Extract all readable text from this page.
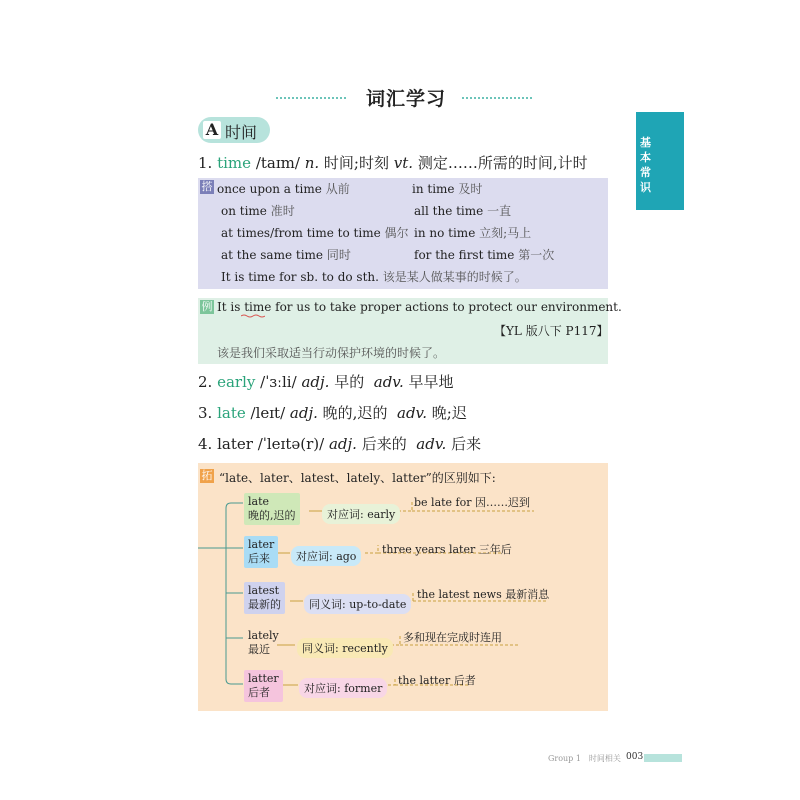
词汇学习
基
本
常
识
A 时间
1. time /taɪm/ n. 时间;时刻 vt. 测定……所需的时间,计时
搭 once upon a time 从前	in time 及时
on time 准时	all the time 一直
at times/from time to time 偶尔 in no time 立刻;马上
at the same time 同时	for the first time 第一次
It is time for sb. to do sth. 该是某人做某事的时候了。
例 It is time for us to take proper actions to protect our environment.
【YL 版八下 P117】
该是我们采取适当行动保护环境的时候了。
2. early /ˈɜːli/ adj. 早的 adv. 早早地
3. late /leɪt/ adj. 晚的,迟的 adv. 晚;迟
4. later /ˈleɪtə(r)/ adj. 后来的 adv. 后来
拓 “late、later、latest、lately、latter”的区别如下:
late
晚的,迟的	对应词: early
be late for 因……迟到
later
后来	对应词: ago
three years later 三年后
latest
最新的	同义词: up-to-date
the latest news 最新消息
lately
最近	同义词: recently
多和现在完成时连用
latter
后者	对应词: former
the latter 后者
Group 1　时间相关 003
